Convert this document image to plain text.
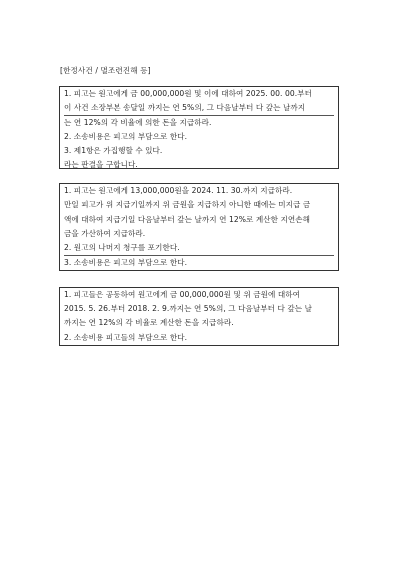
[한정사건 / 멸조련진해 등]

1. 피고는 원고에게 금 00,000,000원 및 이에 대하여 2025. 00. 00.부터

이 사건 소장부본 송달일 까지는 연 5%의, 그 다음날부터 다 갚는 날까지

는 연 12%의 각 비율에 의한 돈을 지급하라.

2. 소송비용은 피고의 부담으로 한다.

3. 제1항은 가집행할 수 있다.

라는 판결을 구합니다.

1. 피고는 원고에게 13,000,000원을 2024. 11. 30.까지 지급하라.

만일 피고가 위 지급기일까지 위 금원을 지급하지 아니한 때에는 미지급 금

액에 대하여 지급기일 다음날부터 갚는 날까지 연 12%로 계산한 지연손해

금을 가산하여 지급하라.

2. 원고의 나머지 청구를 포기한다.

3. 소송비용은 피고의 부담으로 한다.

1. 피고들은 공동하여 원고에게 금 00,000,000원 및 위 금원에 대하여

2015. 5. 26.부터 2018. 2. 9.까지는 연 5%의, 그 다음날부터 다 갚는 날

까지는 연 12%의 각 비율로 계산한 돈을 지급하라.

2. 소송비용 피고들의 부담으로 한다.
